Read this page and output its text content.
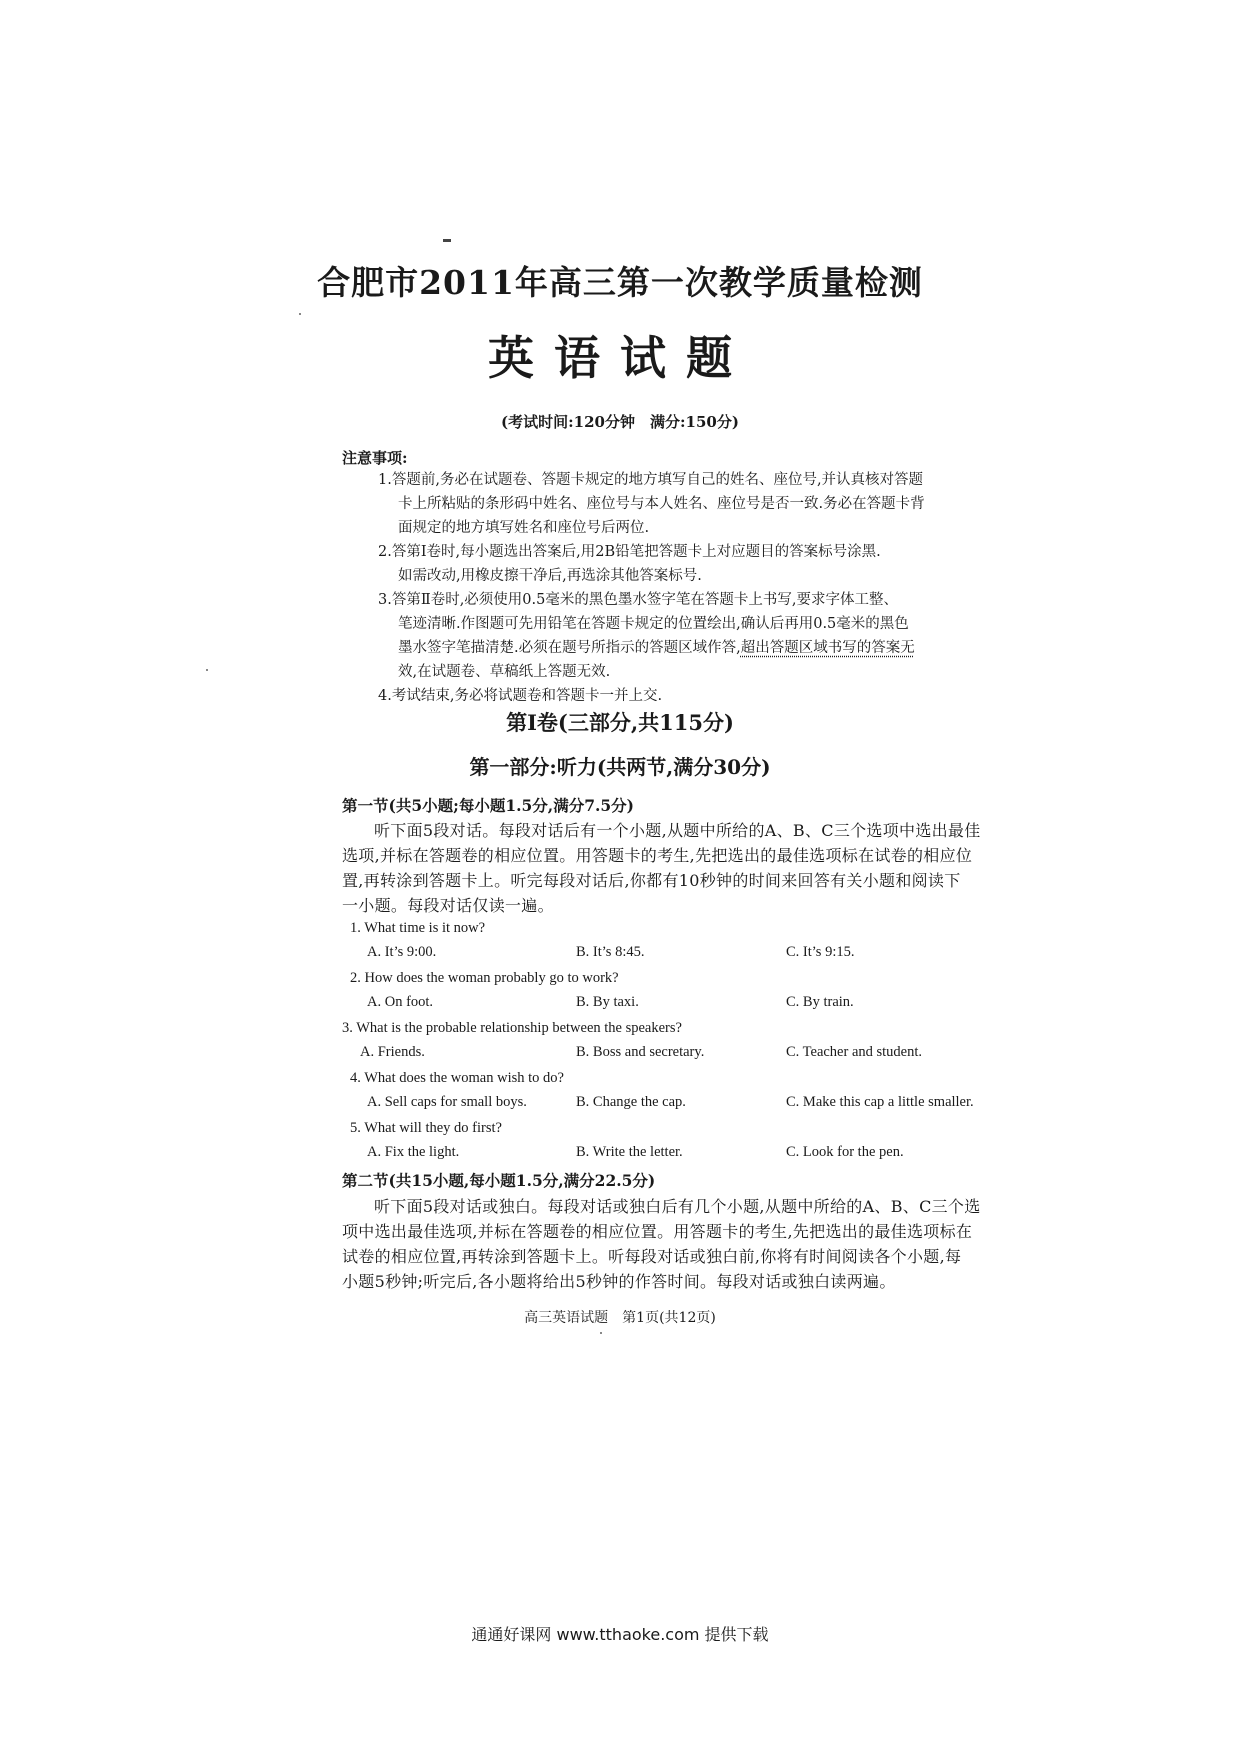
合肥市2011年高三第一次教学质量检测
英语试题
(考试时间:120分钟　满分:150分)
注意事项:
1.答题前,务必在试题卷、答题卡规定的地方填写自己的姓名、座位号,并认真核对答题
卡上所粘贴的条形码中姓名、座位号与本人姓名、座位号是否一致.务必在答题卡背
面规定的地方填写姓名和座位号后两位.
2.答第Ⅰ卷时,每小题选出答案后,用2B铅笔把答题卡上对应题目的答案标号涂黑.
如需改动,用橡皮擦干净后,再选涂其他答案标号.
3.答第Ⅱ卷时,必须使用0.5毫米的黑色墨水签字笔在答题卡上书写,要求字体工整、
笔迹清晰.作图题可先用铅笔在答题卡规定的位置绘出,确认后再用0.5毫米的黑色
墨水签字笔描清楚.必须在题号所指示的答题区域作答,超出答题区域书写的答案无
效,在试题卷、草稿纸上答题无效.
4.考试结束,务必将试题卷和答题卡一并上交.
第Ⅰ卷(三部分,共115分)
第一部分:听力(共两节,满分30分)
第一节(共5小题;每小题1.5分,满分7.5分)
听下面5段对话。每段对话后有一个小题,从题中所给的A、B、C三个选项中选出最佳
选项,并标在答题卷的相应位置。用答题卡的考生,先把选出的最佳选项标在试卷的相应位
置,再转涂到答题卡上。听完每段对话后,你都有10秒钟的时间来回答有关小题和阅读下
一小题。每段对话仅读一遍。
1. What time is it now?
A. It’s 9:00.	B. It’s 8:45.	C. It’s 9:15.
2. How does the woman probably go to work?
A. On foot.	B. By taxi.	C. By train.
3. What is the probable relationship between the speakers?
A. Friends.	B. Boss and secretary.	C. Teacher and student.
4. What does the woman wish to do?
A. Sell caps for small boys.	B. Change the cap.	C. Make this cap a little smaller.
5. What will they do first?
A. Fix the light.	B. Write the letter.	C. Look for the pen.
第二节(共15小题,每小题1.5分,满分22.5分)
听下面5段对话或独白。每段对话或独白后有几个小题,从题中所给的A、B、C三个选
项中选出最佳选项,并标在答题卷的相应位置。用答题卡的考生,先把选出的最佳选项标在
试卷的相应位置,再转涂到答题卡上。听每段对话或独白前,你将有时间阅读各个小题,每
小题5秒钟;听完后,各小题将给出5秒钟的作答时间。每段对话或独白读两遍。
高三英语试题　第1页(共12页)
通通好课网 www.tthaoke.com 提供下载
